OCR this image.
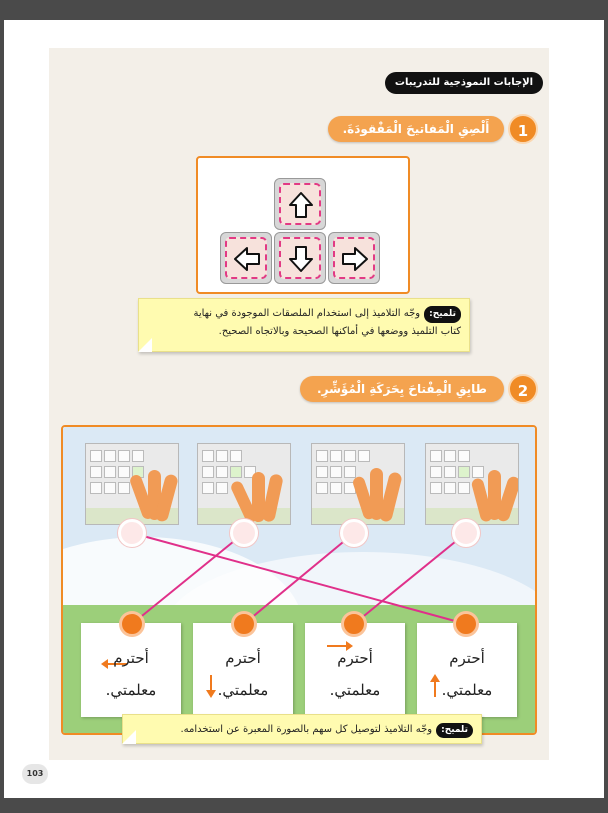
الإجابات النموذجية للتدريبات
1
أَلْصِقِ الْمَفاتيحَ الْمَفْقودَةَ.
تلميح:وجّه التلاميذ إلى استخدام الملصقات الموجودة في نهاية
كتاب التلميذ ووضعها في أماكنها الصحيحة وبالاتجاه الصحيح.
2
طابِقِ الْمِفْتاحَ بِحَرَكَةِ الْمُؤَشِّرِ.
أحترم
معلمتي.
أحترم
معلمتي.
أحترم
معلمتي.
أحترم
معلمتي.
تلميح:وجّه التلاميذ لتوصيل كل سهم بالصورة المعبرة عن استخدامه.
103
